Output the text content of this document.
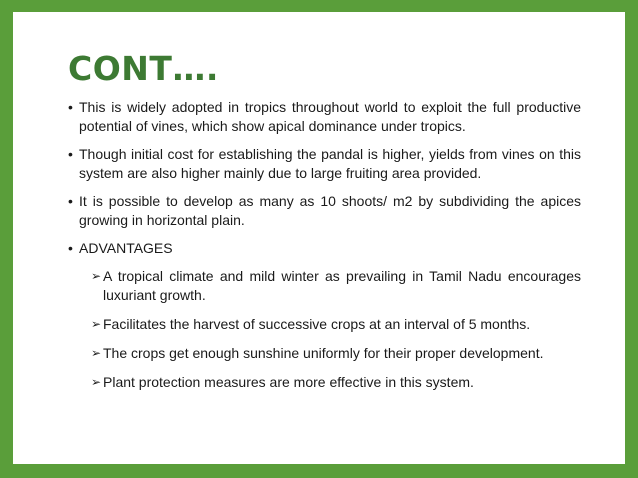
CONT….
• This is widely adopted in tropics throughout world to exploit the full productive potential of vines, which show apical dominance under tropics.
• Though initial cost for establishing the pandal is higher, yields from vines on this system are also higher mainly due to large fruiting area provided.
• It is possible to develop as many as 10 shoots/ m2 by subdividing the apices growing in horizontal plain.
• ADVANTAGES
➢ A tropical climate and mild winter as prevailing in Tamil Nadu encourages luxuriant growth.
➢ Facilitates the harvest of successive crops at an interval of 5 months.
➢ The crops get enough sunshine uniformly for their proper development.
➢ Plant protection measures are more effective in this system.
